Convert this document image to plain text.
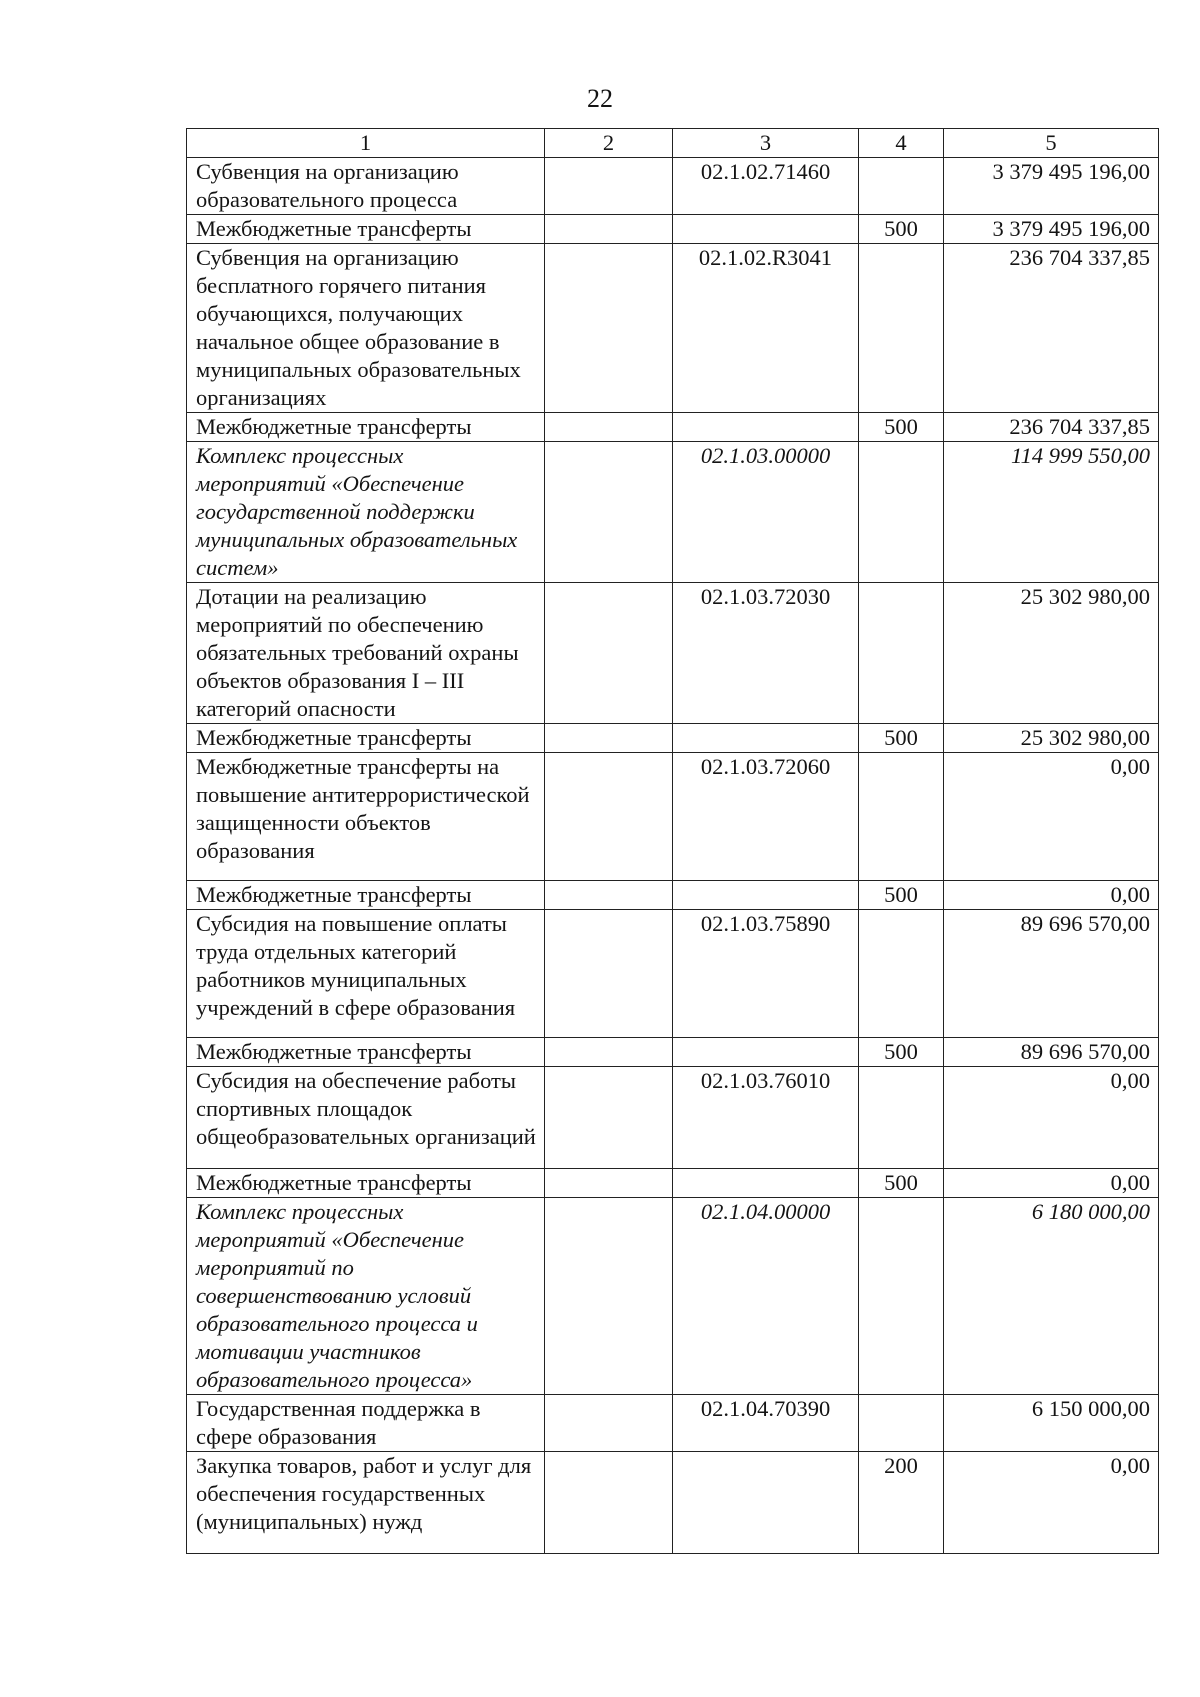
22
1	2	3	4	5
Субвенция на организацию образовательного процесса		02.1.02.71460		3 379 495 196,00
Межбюджетные трансферты			500	3 379 495 196,00
Субвенция на организацию бесплатного горячего питания обучающихся, получающих начальное общее образование в муниципальных образовательных организациях		02.1.02.R3041		236 704 337,85
Межбюджетные трансферты			500	236 704 337,85
Комплекс процессных мероприятий «Обеспечение государственной поддержки муниципальных образовательных систем»		02.1.03.00000		114 999 550,00
Дотации на реализацию мероприятий по обеспечению обязательных требований охраны объектов образования I – III категорий опасности		02.1.03.72030		25 302 980,00
Межбюджетные трансферты			500	25 302 980,00
Межбюджетные трансферты на повышение антитеррористической защищенности объектов образования		02.1.03.72060		0,00
Межбюджетные трансферты			500	0,00
Субсидия на повышение оплаты труда отдельных категорий работников муниципальных учреждений в сфере образования		02.1.03.75890		89 696 570,00
Межбюджетные трансферты			500	89 696 570,00
Субсидия на обеспечение работы спортивных площадок общеобразовательных организаций		02.1.03.76010		0,00
Межбюджетные трансферты			500	0,00
Комплекс процессных мероприятий «Обеспечение мероприятий по совершенствованию условий образовательного процесса и мотивации участников образовательного процесса»		02.1.04.00000		6 180 000,00
Государственная поддержка в сфере образования		02.1.04.70390		6 150 000,00
Закупка товаров, работ и услуг для обеспечения государственных (муниципальных) нужд			200	0,00
